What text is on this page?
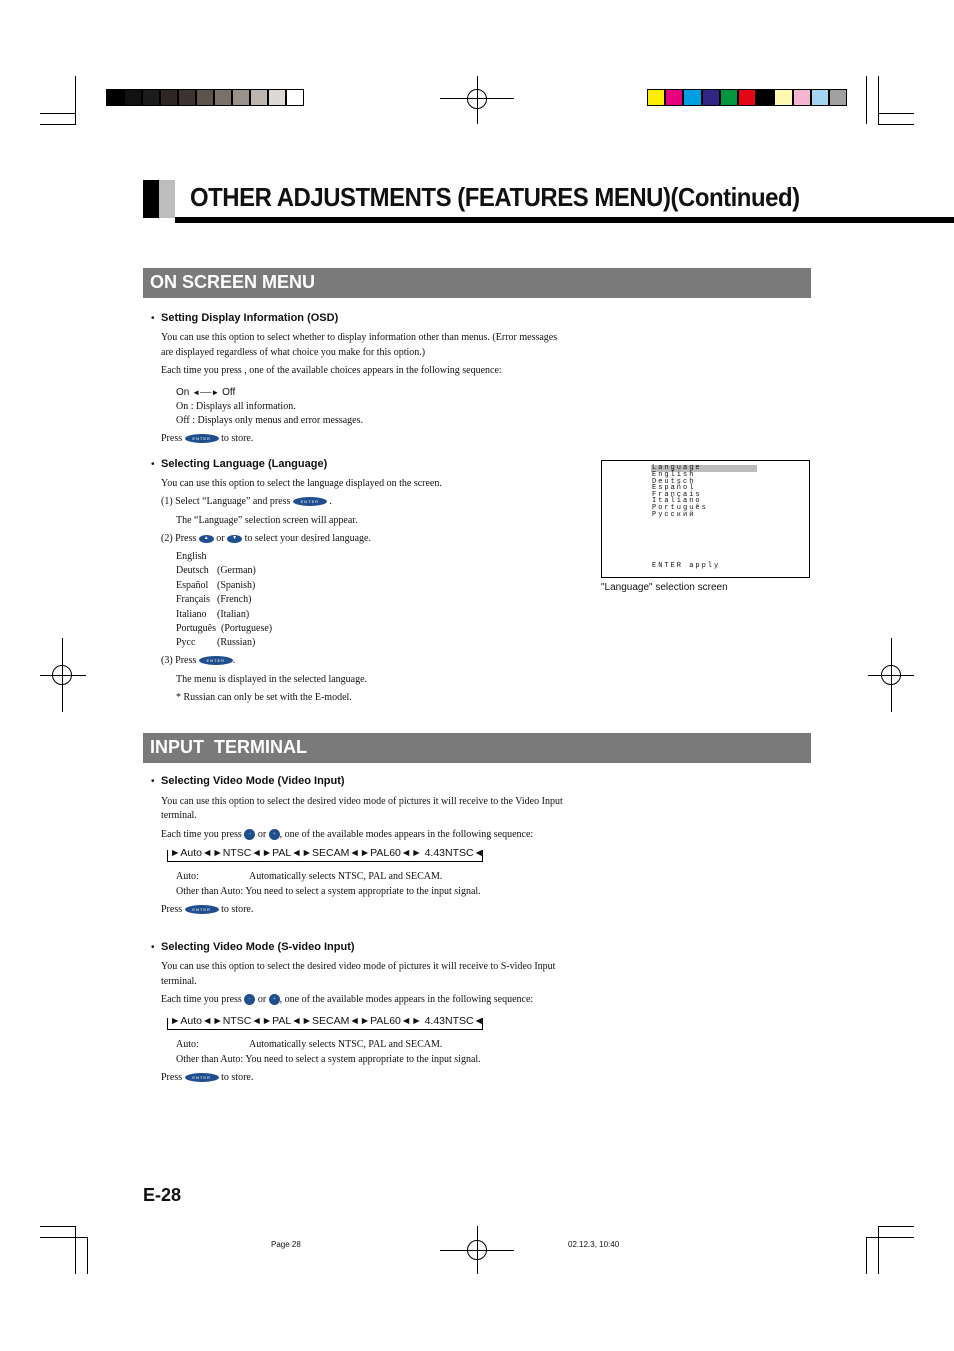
OTHER ADJUSTMENTS (FEATURES MENU)(Continued)
ON SCREEN MENU
• Setting Display Information (OSD)
You can use this option to select whether to display information other than menus. (Error messages
are displayed regardless of what choice you make for this option.)
Each time you press , one of the available choices appears in the following sequence:
On ◄──► Off
On : Displays all information.
Off : Displays only menus and error messages.
Press	ENTER to store.
• Selecting Language (Language)
You can use this option to select the language displayed on the screen.
(1) Select “Language” and press	ENTER .
The “Language” selection screen will appear.
(2) Press ▲ or ▼ to select your desired language.
English
Deutsch (German)
Español (Spanish)
Français (French)
Italiano (Italian)
Português (Portuguese)
Pycc (Russian)
(3) Press	ENTER .
The menu is displayed in the selected language.
* Russian can only be set with the E-model.
Language
English
Deutsch
Español
Français
Italiano
Português
Русский
ENTER apply
"Language" selection screen
INPUT  TERMINAL
• Selecting Video Mode (Video Input)
You can use this option to select the desired video mode of pictures it will receive to the Video Input
terminal.
Each time you press − or + , one of the available modes appears in the following sequence:
►Auto◄►NTSC◄►PAL◄►SECAM◄►PAL60◄► 4.43NTSC◄
Auto:	Automatically selects NTSC, PAL and SECAM.
Other than Auto: You need to select a system appropriate to the input signal.
Press	ENTER to store.
• Selecting Video Mode (S-video Input)
You can use this option to select the desired video mode of pictures it will receive to S-video Input
terminal.
Each time you press − or + , one of the available modes appears in the following sequence:
►Auto◄►NTSC◄►PAL◄►SECAM◄►PAL60◄► 4.43NTSC◄
Auto:	Automatically selects NTSC, PAL and SECAM.
Other than Auto: You need to select a system appropriate to the input signal.
Press	ENTER to store.
E-28
Page 28	02.12.3, 10:40
